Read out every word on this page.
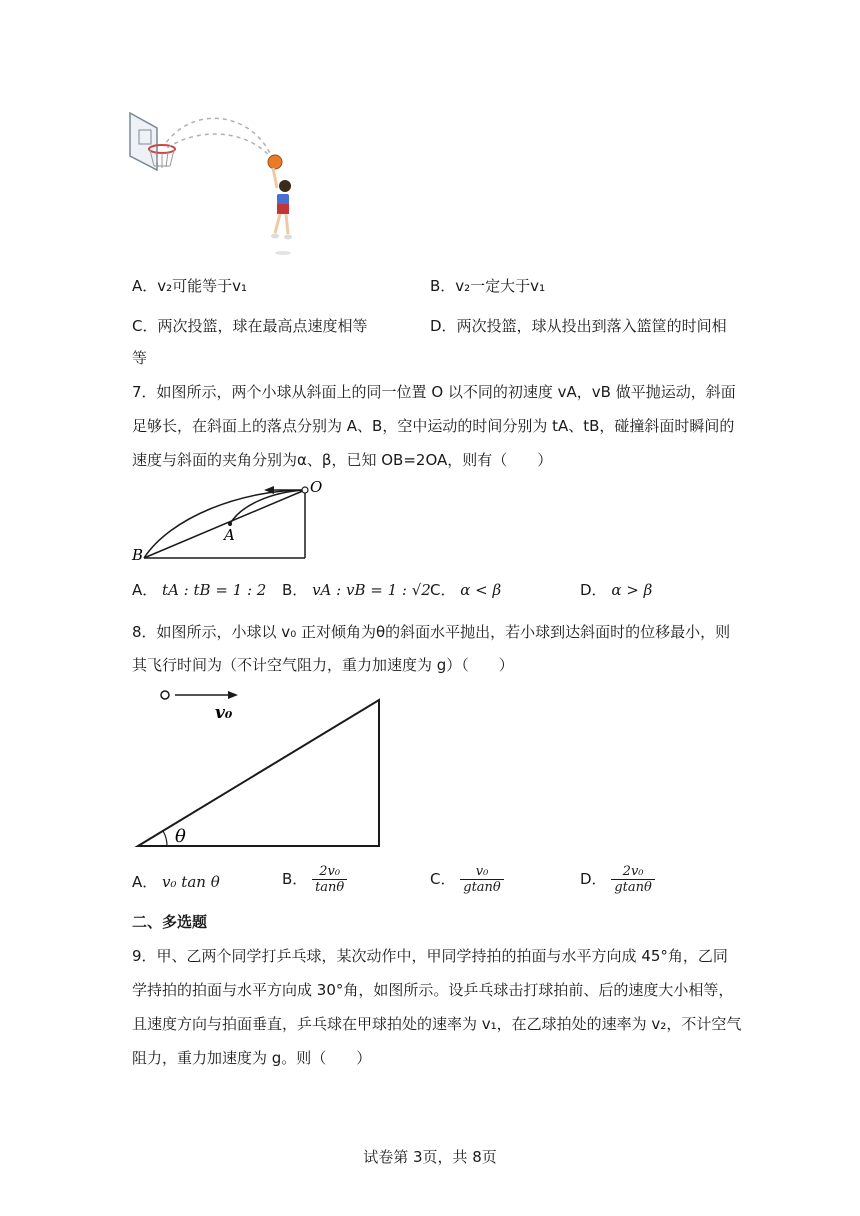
A．v₂可能等于v₁	B．v₂一定大于v₁
C．两次投篮，球在最高点速度相等	D．两次投篮，球从投出到落入篮筐的时间相
等
7．如图所示，两个小球从斜面上的同一位置 O 以不同的初速度 vA，vB 做平抛运动，斜面
足够长，在斜面上的落点分别为 A、B，空中运动的时间分别为 tA、tB，碰撞斜面时瞬间的
速度与斜面的夹角分别为α、β，已知 OB=2OA，则有（　　）
O
A
B
A． tA : tB = 1 : 2 B． vA : vB = 1 : √2 C． α < β	D． α > β
8．如图所示，小球以 v₀ 正对倾角为θ的斜面水平抛出，若小球到达斜面时的位移最小，则
其飞行时间为（不计空气阻力，重力加速度为 g）（　　）
v₀
θ
A． v₀ tan θ	B． $\frac{\text{2v₀}}{\tan\theta}$	C． $\frac{\text{v₀}}{gtan\theta}$	D． $\frac{\text{2v₀}}{gtan\theta}$
二、多选题
9．甲、乙两个同学打乒乓球，某次动作中，甲同学持拍的拍面与水平方向成 45°角，乙同
学持拍的拍面与水平方向成 30°角，如图所示。设乒乓球击打球拍前、后的速度大小相等，
且速度方向与拍面垂直，乒乓球在甲球拍处的速率为 v₁，在乙球拍处的速率为 v₂，不计空气
阻力，重力加速度为 g。则（　　）
试卷第 3页，共 8页
